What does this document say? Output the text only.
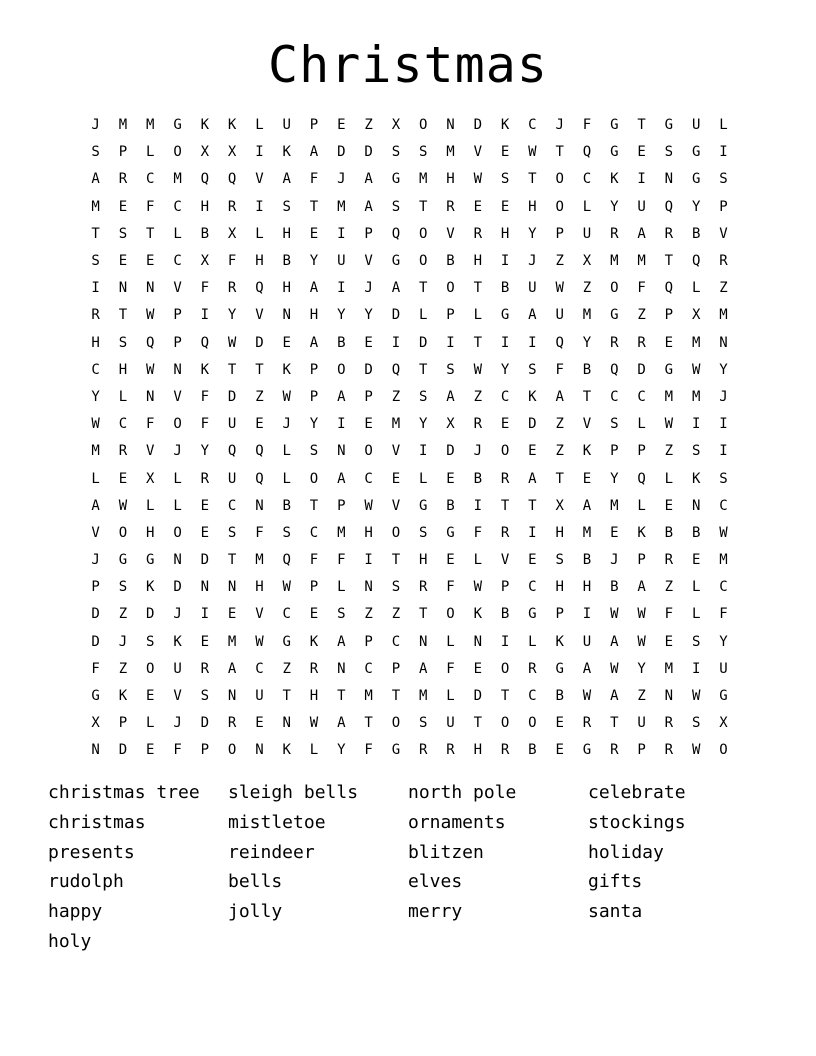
Christmas
J	M	M	G	K	K	L	U	P	E	Z	X	O	N	D	K	C	J	F	G	T	G	U	L
S	P	L	O	X	X	I	K	A	D	D	S	S	M	V	E	W	T	Q	G	E	S	G	I
A	R	C	M	Q	Q	V	A	F	J	A	G	M	H	W	S	T	O	C	K	I	N	G	S
M	E	F	C	H	R	I	S	T	M	A	S	T	R	E	E	H	O	L	Y	U	Q	Y	P
T	S	T	L	B	X	L	H	E	I	P	Q	O	V	R	H	Y	P	U	R	A	R	B	V
S	E	E	C	X	F	H	B	Y	U	V	G	O	B	H	I	J	Z	X	M	M	T	Q	R
I	N	N	V	F	R	Q	H	A	I	J	A	T	O	T	B	U	W	Z	O	F	Q	L	Z
R	T	W	P	I	Y	V	N	H	Y	Y	D	L	P	L	G	A	U	M	G	Z	P	X	M
H	S	Q	P	Q	W	D	E	A	B	E	I	D	I	T	I	I	Q	Y	R	R	E	M	N
C	H	W	N	K	T	T	K	P	O	D	Q	T	S	W	Y	S	F	B	Q	D	G	W	Y
Y	L	N	V	F	D	Z	W	P	A	P	Z	S	A	Z	C	K	A	T	C	C	M	M	J
W	C	F	O	F	U	E	J	Y	I	E	M	Y	X	R	E	D	Z	V	S	L	W	I	I
M	R	V	J	Y	Q	Q	L	S	N	O	V	I	D	J	O	E	Z	K	P	P	Z	S	I
L	E	X	L	R	U	Q	L	O	A	C	E	L	E	B	R	A	T	E	Y	Q	L	K	S
A	W	L	L	E	C	N	B	T	P	W	V	G	B	I	T	T	X	A	M	L	E	N	C
V	O	H	O	E	S	F	S	C	M	H	O	S	G	F	R	I	H	M	E	K	B	B	W
J	G	G	N	D	T	M	Q	F	F	I	T	H	E	L	V	E	S	B	J	P	R	E	M
P	S	K	D	N	N	H	W	P	L	N	S	R	F	W	P	C	H	H	B	A	Z	L	C
D	Z	D	J	I	E	V	C	E	S	Z	Z	T	O	K	B	G	P	I	W	W	F	L	F
D	J	S	K	E	M	W	G	K	A	P	C	N	L	N	I	L	K	U	A	W	E	S	Y
F	Z	O	U	R	A	C	Z	R	N	C	P	A	F	E	O	R	G	A	W	Y	M	I	U
G	K	E	V	S	N	U	T	H	T	M	T	M	L	D	T	C	B	W	A	Z	N	W	G
X	P	L	J	D	R	E	N	W	A	T	O	S	U	T	O	O	E	R	T	U	R	S	X
N	D	E	F	P	O	N	K	L	Y	F	G	R	R	H	R	B	E	G	R	P	R	W	O
christmas tree	sleigh bells	north pole	celebrate
christmas	mistletoe	ornaments	stockings
presents	reindeer	blitzen	holiday
rudolph	bells	elves	gifts
happy	jolly	merry	santa
holy
